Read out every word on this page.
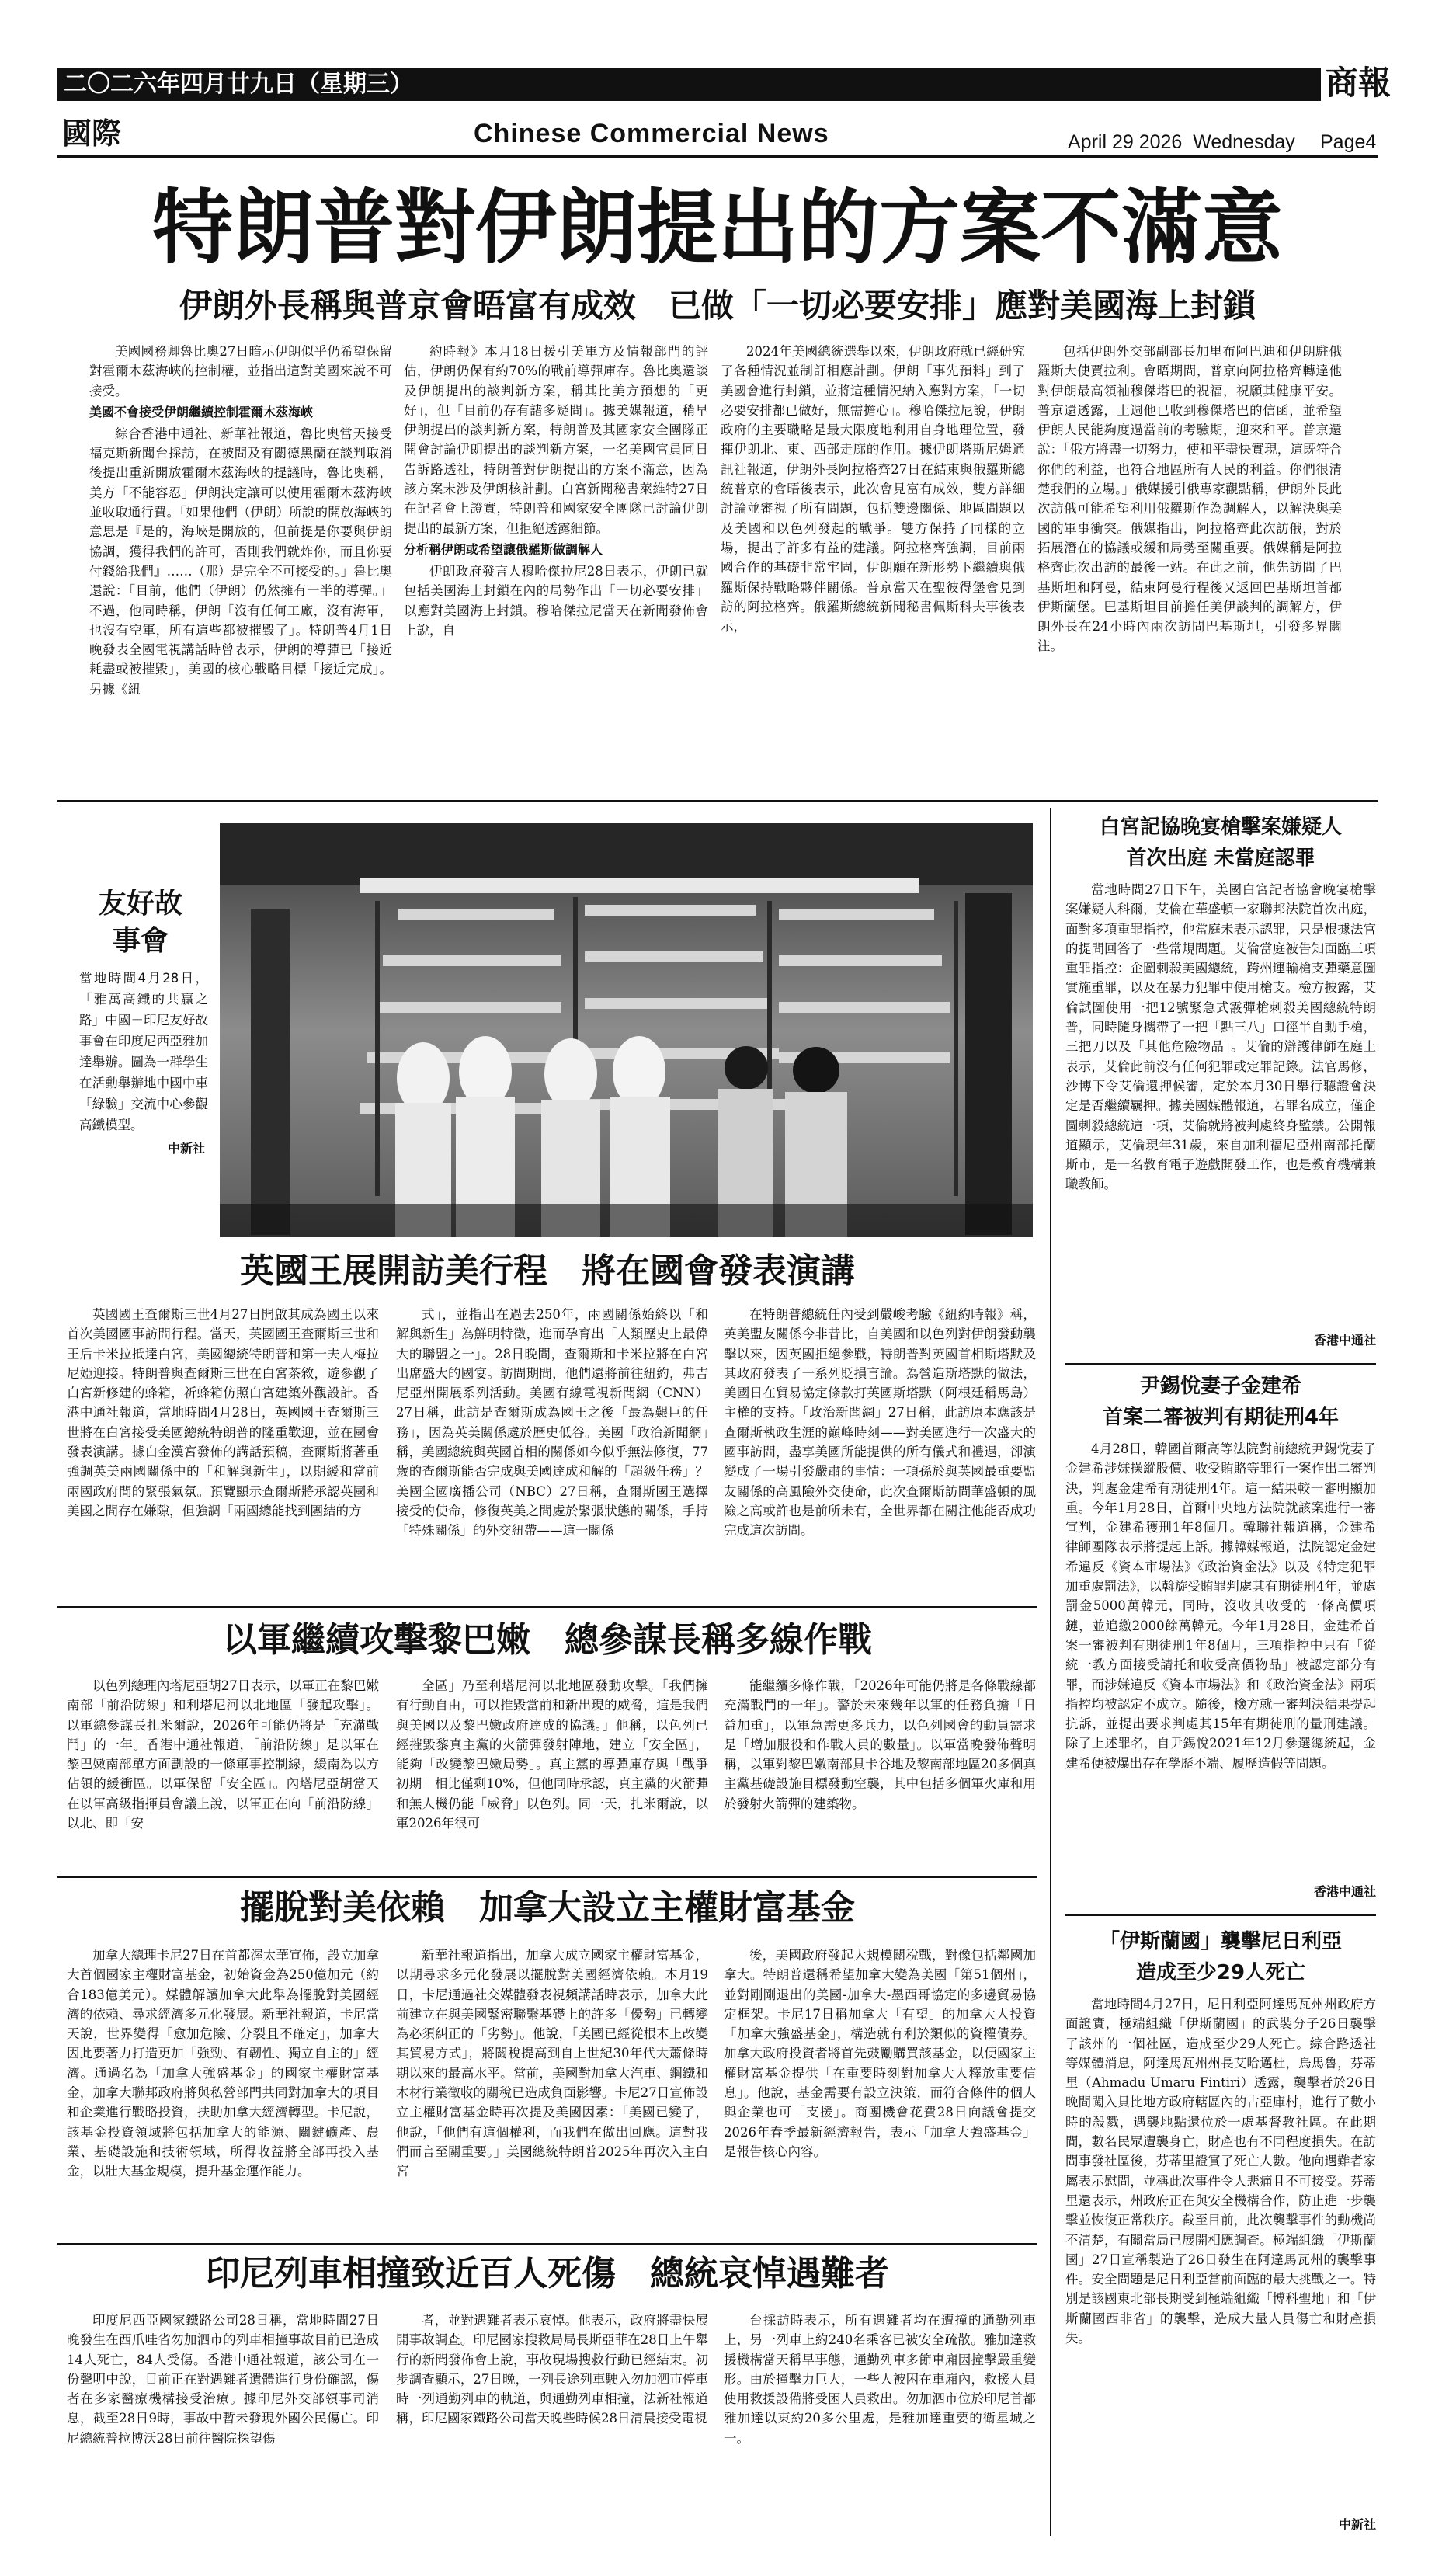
二〇二六年四月廿九日（星期三）	商報
國際	Chinese Commercial News	April 29 2026  Wednesday Page4
特朗普對伊朗提出的方案不滿意
伊朗外長稱與普京會晤富有成效　已做「一切必要安排」應對美國海上封鎖

美國國務卿魯比奧27日暗示伊朗似乎仍希望保留對霍爾木茲海峽的控制權，並指出這對美國來說不可接受。

美國不會接受伊朗繼續控制霍爾木茲海峽

綜合香港中通社、新華社報道，魯比奧當天接受福克斯新聞台採訪，在被問及有關德黑蘭在談判取消後提出重新開放霍爾木茲海峽的提議時，魯比奧稱，美方「不能容忍」伊朗決定讓可以使用霍爾木茲海峽並收取通行費。「如果他們（伊朗）所說的開放海峽的意思是『是的，海峽是開放的，但前提是你要與伊朗協調，獲得我們的許可，否則我們就炸你，而且你要付錢給我們』……（那）是完全不可接受的。」魯比奧還說：「目前，他們（伊朗）仍然擁有一半的導彈。」不過，他同時稱，伊朗「沒有任何工廠，沒有海軍，也沒有空軍，所有這些都被摧毀了」。特朗普4月1日晚發表全國電視講話時曾表示，伊朗的導彈已「接近耗盡或被摧毀」，美國的核心戰略目標「接近完成」。另據《紐

約時報》本月18日援引美軍方及情報部門的評估，伊朗仍保有約70%的戰前導彈庫存。魯比奧還談及伊朗提出的談判新方案，稱其比美方預想的「更好」，但「目前仍存有諸多疑問」。據美媒報道，稍早伊朗提出的談判新方案，特朗普及其國家安全團隊正開會討論伊朗提出的談判新方案，一名美國官員同日告訴路透社，特朗普對伊朗提出的方案不滿意，因為該方案未涉及伊朗核計劃。白宮新聞秘書萊維特27日在記者會上證實，特朗普和國家安全團隊已討論伊朗提出的最新方案，但拒絕透露細節。

分析稱伊朗或希望讓俄羅斯做調解人

伊朗政府發言人穆哈傑拉尼28日表示，伊朗已就包括美國海上封鎖在內的局勢作出「一切必要安排」以應對美國海上封鎖。穆哈傑拉尼當天在新聞發佈會上說，自

2024年美國總統選舉以來，伊朗政府就已經研究了各種情況並制訂相應計劃。伊朗「事先預料」到了美國會進行封鎖，並將這種情況納入應對方案，「一切必要安排都已做好，無需擔心」。穆哈傑拉尼說，伊朗政府的主要職略是最大限度地利用自身地理位置，發揮伊朗北、東、西部走廊的作用。據伊朗塔斯尼姆通訊社報道，伊朗外長阿拉格齊27日在結束與俄羅斯總統普京的會晤後表示，此次會見富有成效，雙方詳細討論並審視了所有問題，包括雙邊關係、地區問題以及美國和以色列發起的戰爭。雙方保持了同樣的立場，提出了許多有益的建議。阿拉格齊強調，目前兩國合作的基礎非常牢固，伊朗願在新形勢下繼續與俄羅斯保持戰略夥伴關係。普京當天在聖彼得堡會見到訪的阿拉格齊。俄羅斯總統新聞秘書佩斯科夫事後表示，

包括伊朗外交部副部長加里布阿巴迪和伊朗駐俄羅斯大使賈拉利。會晤期間，普京向阿拉格齊轉達他對伊朗最高領袖穆傑塔巴的祝福，祝願其健康平安。普京還透露，上週他已收到穆傑塔巴的信函，並希望伊朗人民能夠度過當前的考驗期，迎來和平。普京還說：「俄方將盡一切努力，使和平盡快實現，這既符合你們的利益，也符合地區所有人民的利益。你們很清楚我們的立場。」俄媒援引俄專家觀點稱，伊朗外長此次訪俄可能希望利用俄羅斯作為調解人，以解決與美國的軍事衝突。俄媒指出，阿拉格齊此次訪俄，對於拓展潛在的協議或緩和局勢至關重要。俄媒稱是阿拉格齊此次出訪的最後一站。在此之前，他先訪問了巴基斯坦和阿曼，結束阿曼行程後又返回巴基斯坦首都伊斯蘭堡。巴基斯坦目前擔任美伊談判的調解方，伊朗外長在24小時內兩次訪問巴基斯坦，引發多界關注。

友好故事會
當地時間4月28日，「雅萬高鐵的共贏之路」中國－印尼友好故事會在印度尼西亞雅加達舉辦。圖為一群學生在活動舉辦地中國中車「綠驗」交流中心參觀高鐵模型。
中新社
英國王展開訪美行程　將在國會發表演講
英國國王查爾斯三世4月27日開啟其成為國王以來首次美國國事訪問行程。當天，英國國王查爾斯三世和王后卡米拉抵達白宮，美國總統特朗普和第一夫人梅拉尼婭迎接。特朗普與查爾斯三世在白宮茶敘，遊參觀了白宮新修建的蜂箱，祈蜂箱仿照白宮建築外觀設計。香港中通社報道，當地時間4月28日，英國國王查爾斯三世將在白宮接受美國總統特朗普的隆重歡迎，並在國會發表演講。據白金漢宮發佈的講話預稿，查爾斯將著重強調英美兩國關係中的「和解與新生」，以期緩和當前兩國政府間的緊張氣氛。預覽顯示查爾斯將承認英國和美國之間存在嫌隙，但強調「兩國總能找到團結的方
式」，並指出在過去250年，兩國關係始終以「和解與新生」為鮮明特徵，進而孕育出「人類歷史上最偉大的聯盟之一」。28日晚間，查爾斯和卡米拉將在白宮出席盛大的國宴。訪問期間，他們還將前往紐約，弗吉尼亞州開展系列活動。美國有線電視新聞網（CNN）27日稱，此訪是查爾斯成為國王之後「最為艱巨的任務」，因為英美關係處於歷史低谷。美國「政治新聞網」稱，美國總統與英國首相的關係如今似乎無法修復，77歲的查爾斯能否完成與美國達成和解的「超級任務」？美國全國廣播公司（NBC）27日稱，查爾斯國王選擇接受的使命，修復英美之間處於緊張狀態的關係，手持「特殊關係」的外交紐帶——這一關係
在特朗普總統任內受到嚴峻考驗《紐約時報》稱，英美盟友關係今非昔比，自美國和以色列對伊朗發動襲擊以來，因英國拒絕參戰，特朗普對英國首相斯塔默及其政府發表了一系列貶損言論。為營造斯塔默的做法，美國日在貿易協定條款打英國斯塔默（阿根廷稱馬島）主權的支持。「政治新聞網」27日稱，此訪原本應該是查爾斯執政生涯的巔峰時刻——對美國進行一次盛大的國事訪問，盡享美國所能提供的所有儀式和禮遇，卻演變成了一場引發嚴肅的事情：一項孫於與英國最重要盟友關係的高風險外交使命，此次查爾斯訪問華盛頓的風險之高或許也是前所未有，全世界都在關注他能否成功完成這次訪問。
以軍繼續攻擊黎巴嫩　總參謀長稱多線作戰
以色列總理內塔尼亞胡27日表示，以軍正在黎巴嫩南部「前沿防線」和利塔尼河以北地區「發起攻擊」。以軍總參謀長扎米爾說，2026年可能仍將是「充滿戰鬥」的一年。香港中通社報道，「前沿防線」是以軍在黎巴嫩南部單方面劃設的一條軍事控制線，緩南為以方佔領的緩衝區。以軍保留「安全區」。內塔尼亞胡當天在以軍高級指揮員會議上說，以軍正在向「前沿防線」以北、即「安
全區」乃至利塔尼河以北地區發動攻擊。「我們擁有行動自由，可以推毀當前和新出現的威脅，這是我們與美國以及黎巴嫩政府達成的協議。」他稱，以色列已經摧毀黎真主黨的火箭彈發射陣地，建立「安全區」，能夠「改變黎巴嫩局勢」。真主黨的導彈庫存與「戰爭初期」相比僅剩10%，但他同時承認，真主黨的火箭彈和無人機仍能「威脅」以色列。同一天，扎米爾說，以軍2026年很可
能繼續多條作戰，「2026年可能仍將是各條戰線都充滿戰鬥的一年」。警於未來幾年以軍的任務負擔「日益加重」，以軍急需更多兵力，以色列國會的動員需求是「增加服役和作戰人員的數量」。以軍當晚發佈聲明稱，以軍對黎巴嫩南部貝卡谷地及黎南部地區20多個真主黨基礎設施目標發動空襲，其中包括多個軍火庫和用於發射火箭彈的建築物。
擺脫對美依賴　加拿大設立主權財富基金
加拿大總理卡尼27日在首都渥太華宣佈，設立加拿大首個國家主權財富基金，初始資金為250億加元（約合183億美元）。媒體解讀加拿大此舉為擺脫對美國經濟的依賴、尋求經濟多元化發展。新華社報道，卡尼當天說，世界變得「愈加危險、分裂且不確定」，加拿大因此要著力打造更加「強勁、有韌性、獨立自主的」經濟。通過名為「加拿大強盛基金」的國家主權財富基金，加拿大聯邦政府將與私營部門共同對加拿大的項目和企業進行戰略投資，扶助加拿大經濟轉型。卡尼說，該基金投資領域將包括加拿大的能源、關鍵礦產、農業、基礎設施和技術領域，所得收益將全部再投入基金，以壯大基金規模，提升基金運作能力。
新華社報道指出，加拿大成立國家主權財富基金，以期尋求多元化發展以擺脫對美國經濟依賴。本月19日，卡尼通過社交媒體發表視頻講話時表示，加拿大此前建立在與美國緊密聯繫基礎上的許多「優勢」已轉變為必須糾正的「劣勢」。他說，「美國已經從根本上改變其貿易方式」，將關稅提高到自上世紀30年代大蕭條時期以來的最高水平。當前，美國對加拿大汽車、鋼鐵和木材行業徵收的關稅已造成負面影響。卡尼27日宣佈設立主權財富基金時再次提及美國因素：「美國已變了，他說，「他們有這個權利，而我們在做出回應。這對我們而言至關重要。」美國總統特朗普2025年再次入主白宮
後，美國政府發起大規模關稅戰，對像包括鄰國加拿大。特朗普還稱希望加拿大變為美國「第51個州」，並對剛剛退出的美國-加拿大-墨西哥協定的多邊貿易協定框架。卡尼17日稱加拿大「有望」的加拿大人投資「加拿大強盛基金」，構造就有利於類似的資權債券。加拿大政府投資者將首先鼓勵購買該基金，以便國家主權財富基金提供「在重要時刻對加拿大人釋放重要信息」。他說，基金需要有設立決策，而符合條件的個人與企業也可「支援」。商團機會花費28日向議會提交2026年春季最新經濟報告，表示「加拿大強盛基金」是報告核心內容。
印尼列車相撞致近百人死傷　總統哀悼遇難者
印度尼西亞國家鐵路公司28日稱，當地時間27日晚發生在西爪哇省勿加泗市的列車相撞事故目前已造成14人死亡，84人受傷。香港中通社報道，該公司在一份聲明中說，目前正在對遇難者遺體進行身份確認，傷者在多家醫療機構接受治療。據印尼外交部領事司消息，截至28日9時，事故中暫未發現外國公民傷亡。印尼總統普拉博沃28日前往醫院探望傷
者，並對遇難者表示哀悼。他表示，政府將盡快展開事故調查。印尼國家搜救局局長斯亞菲在28日上午舉行的新聞發佈會上說，事故現場搜救行動已經結束。初步調查顯示，27日晚，一列長途列車駛入勿加泗市停車時一列通勤列車的軌道，與通勤列車相撞，法新社報道稱，印尼國家鐵路公司當天晚些時候28日清晨接受電視
台採訪時表示，所有遇難者均在遭撞的通勤列車上，另一列車上約240名乘客已被安全疏散。雅加達救援機構當天稱早事態，通勤列車多節車廂因撞擊嚴重變形。由於撞擊力巨大，一些人被困在車廂內，救援人員使用救援設備將受困人員救出。勿加泗市位於印尼首都雅加達以東約20多公里處，是雅加達重要的衛星城之一。
白宮記協晚宴槍擊案嫌疑人
首次出庭 未當庭認罪
當地時間27日下午，美國白宮記者協會晚宴槍擊案嫌疑人科爾，艾倫在華盛頓一家聯邦法院首次出庭，面對多項重罪指控，他當庭未表示認罪，只是根據法官的提問回答了一些常規問題。艾倫當庭被告知面臨三項重罪指控：企圖刺殺美國總統，跨州運輸槍支彈藥意圖實施重罪，以及在暴力犯罪中使用槍支。檢方披露，艾倫試圖使用一把12號緊急式霰彈槍刺殺美國總統特朗普，同時隨身攜帶了一把「點三八」口徑半自動手槍，三把刀以及「其他危險物品」。艾倫的辯護律師在庭上表示，艾倫此前沒有任何犯罪或定罪記錄。法官馬修，沙博下令艾倫還押候審，定於本月30日舉行聽證會決定是否繼續羈押。據美國媒體報道，若罪名成立，僅企圖刺殺總統這一項，艾倫就將被判處終身監禁。公開報道顯示，艾倫現年31歲，來自加利福尼亞州南部托蘭斯市，是一名教育電子遊戲開發工作，也是教育機構兼職教師。
香港中通社
尹錫悅妻子金建希
首案二審被判有期徒刑4年
4月28日，韓國首爾高等法院對前總統尹錫悅妻子金建希涉嫌操縱股價、收受賄賂等罪行一案作出二審判決，判處金建希有期徒刑4年。這一結果較一審明顯加重。今年1月28日，首爾中央地方法院就該案進行一審宣判，金建希獲刑1年8個月。韓聯社報道稱，金建希律師團隊表示將提起上訴。據韓媒報道，法院認定金建希違反《資本市場法》《政治資金法》以及《特定犯罪加重處罰法》，以斡旋受賄罪判處其有期徒刑4年，並處罰金5000萬韓元，同時，沒收其收受的一條高價項鏈，並追繳2000餘萬韓元。今年1月28日，金建希首案一審被判有期徒刑1年8個月，三項指控中只有「從統一教方面接受請托和收受高價物品」被認定部分有罪，而涉嫌違反《資本市場法》和《政治資金法》兩項指控均被認定不成立。隨後，檢方就一審判決結果提起抗訴，並提出要求判處其15年有期徒刑的量刑建議。除了上述罪名，自尹錫悅2021年12月參選總統起，金建希便被爆出存在學歷不端、履歷造假等問題。
香港中通社
「伊斯蘭國」襲擊尼日利亞
造成至少29人死亡
當地時間4月27日，尼日利亞阿達馬瓦州州政府方面證實，極端組織「伊斯蘭國」的武裝分子26日襲擊了該州的一個社區，造成至少29人死亡。綜合路透社等媒體消息，阿達馬瓦州州長艾哈邁杜，烏馬魯，芬蒂里（Ahmadu Umaru Fintiri）透露，襲擊者於26日晚間闖入貝比地方政府轄區內的古亞庫村，進行了數小時的殺戮，遇襲地點還位於一處基督教社區。在此期間，數名民眾遭襲身亡，財產也有不同程度損失。在訪問事發社區後，芬蒂里證實了死亡人數。他向遇難者家屬表示慰問，並稱此次事件令人悲痛且不可接受。芬蒂里還表示，州政府正在與安全機構合作，防止進一步襲擊並恢復正常秩序。截至目前，此次襲擊事件的動機尚不清楚，有關當局已展開相應調查。極端組織「伊斯蘭國」27日宣稱製造了26日發生在阿達馬瓦州的襲擊事件。安全問題是尼日利亞當前面臨的最大挑戰之一。特別是該國東北部長期受到極端組織「博科聖地」和「伊斯蘭國西非省」的襲擊，造成大量人員傷亡和財產損失。
中新社
